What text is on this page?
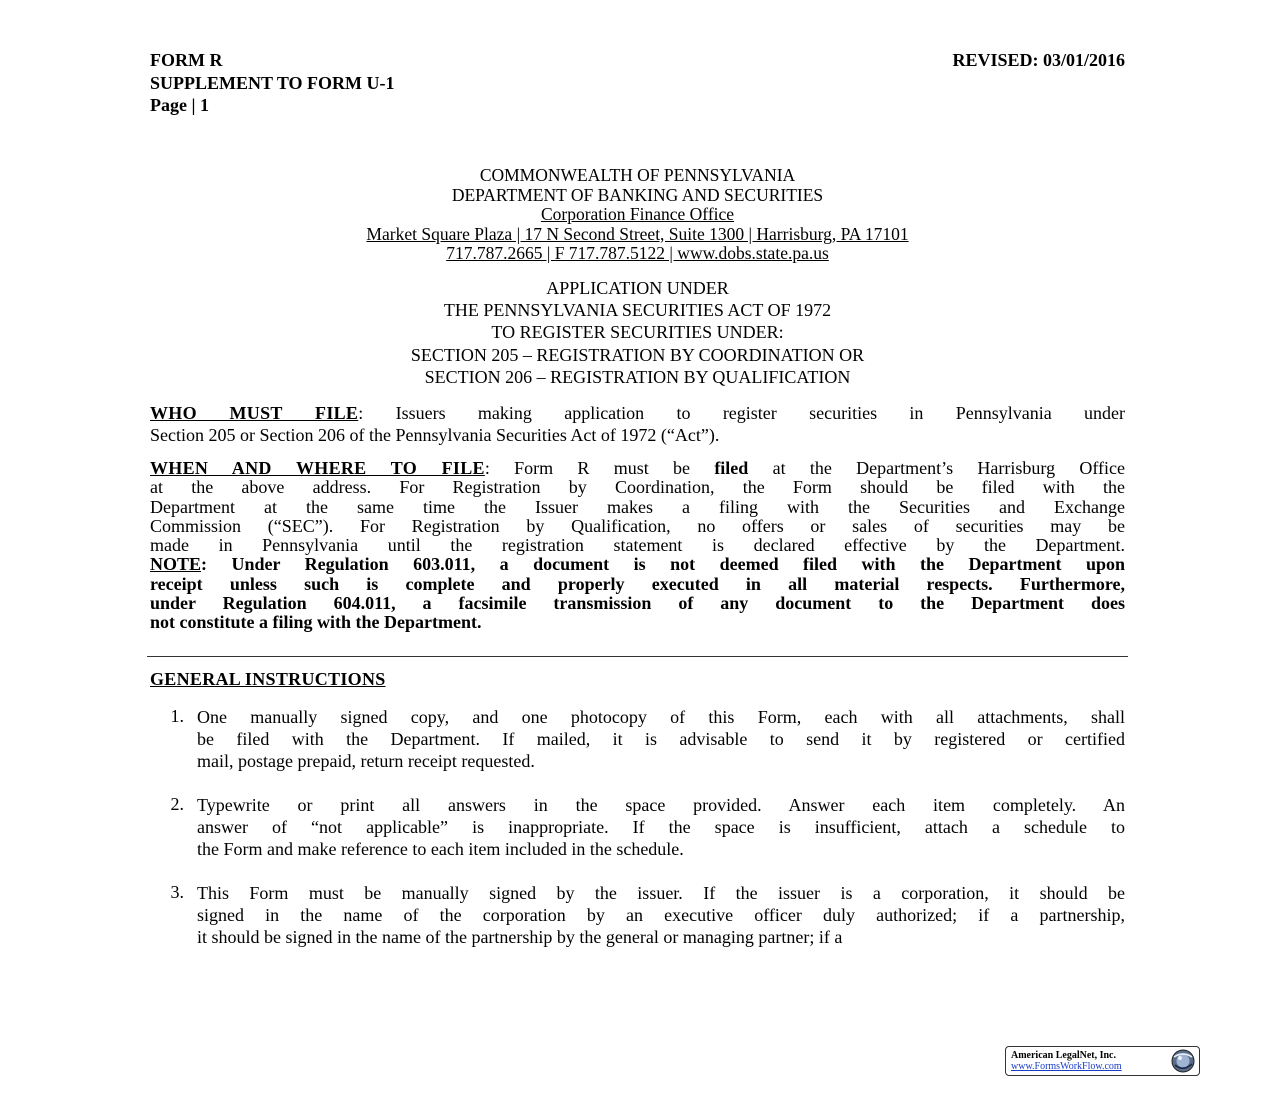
FORM R
SUPPLEMENT TO FORM U-1
Page | 1
REVISED: 03/01/2016
COMMONWEALTH OF PENNSYLVANIA
DEPARTMENT OF BANKING AND SECURITIES
Corporation Finance Office
Market Square Plaza | 17 N Second Street, Suite 1300 | Harrisburg, PA 17101
717.787.2665 | F 717.787.5122 | www.dobs.state.pa.us
APPLICATION UNDER
THE PENNSYLVANIA SECURITIES ACT OF 1972
TO REGISTER SECURITIES UNDER:
SECTION 205 – REGISTRATION BY COORDINATION OR
SECTION 206 – REGISTRATION BY QUALIFICATION
WHO MUST FILE: Issuers making application to register securities in Pennsylvania under
Section 205 or Section 206 of the Pennsylvania Securities Act of 1972 (“Act”).
WHEN AND WHERE TO FILE: Form R must be filed at the Department’s Harrisburg Office
at the above address. For Registration by Coordination, the Form should be filed with the
Department at the same time the Issuer makes a filing with the Securities and Exchange
Commission (“SEC”). For Registration by Qualification, no offers or sales of securities may be
made in Pennsylvania until the registration statement is declared effective by the Department.
NOTE: Under Regulation 603.011, a document is not deemed filed with the Department upon
receipt unless such is complete and properly executed in all material respects. Furthermore,
under Regulation 604.011, a facsimile transmission of any document to the Department does
not constitute a filing with the Department.
GENERAL INSTRUCTIONS
1. One manually signed copy, and one photocopy of this Form, each with all attachments, shall
be filed with the Department. If mailed, it is advisable to send it by registered or certified
mail, postage prepaid, return receipt requested.
2. Typewrite or print all answers in the space provided. Answer each item completely. An
answer of “not applicable” is inappropriate. If the space is insufficient, attach a schedule to
the Form and make reference to each item included in the schedule.
3. This Form must be manually signed by the issuer. If the issuer is a corporation, it should be
signed in the name of the corporation by an executive officer duly authorized; if a partnership,
it should be signed in the name of the partnership by the general or managing partner; if a
American LegalNet, Inc.
www.FormsWorkFlow.com
